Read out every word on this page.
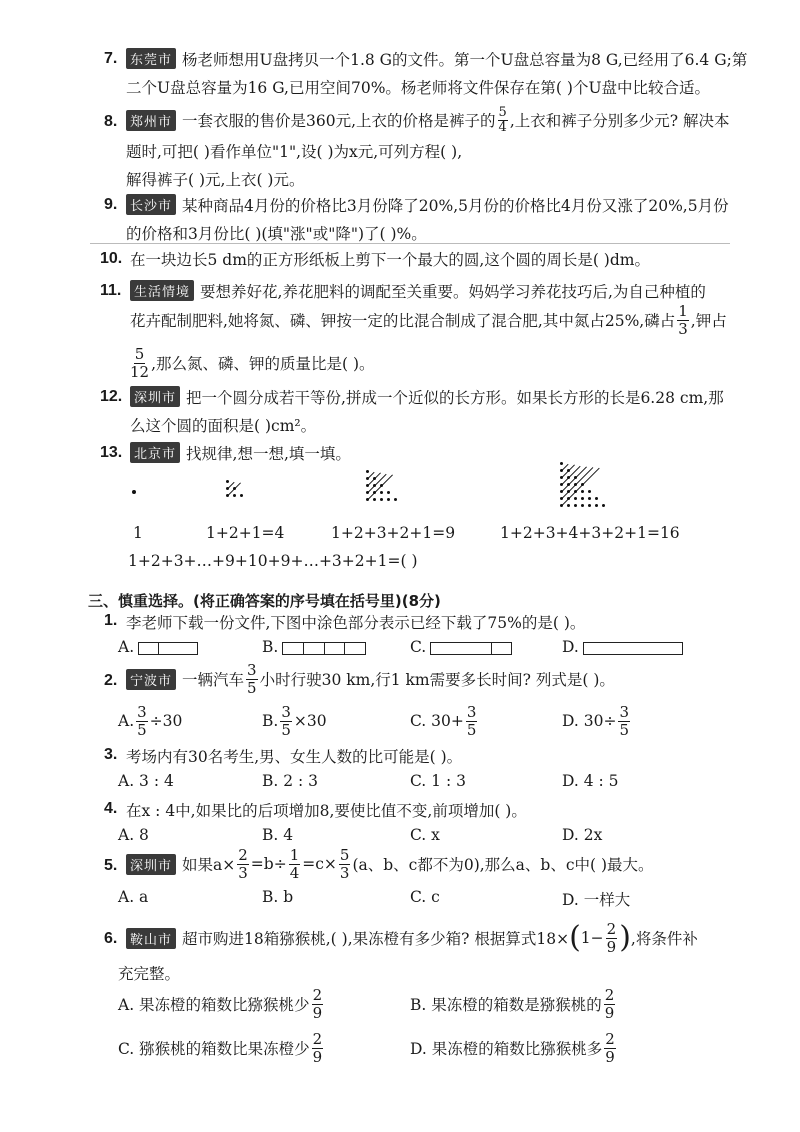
7. 东莞市 杨老师想用U盘拷贝一个1.8 G的文件。第一个U盘总容量为8 G,已经用了6.4 G;第
二个U盘总容量为16 G,已用空间70%。杨老师将文件保存在第( )个U盘中比较合适。
8. 郑州市 一套衣服的售价是360元,上衣的价格是裤子的 $\frac{5}{4}$ ,上衣和裤子分别多少元? 解决本
题时,可把( )看作单位"1",设( )为x元,可列方程( ),
解得裤子( )元,上衣( )元。
9. 长沙市 某种商品4月份的价格比3月份降了20%,5月份的价格比4月份又涨了20%,5月份
的价格和3月份比( )(填"涨"或"降")了( )%。
10. 在一块边长5 dm的正方形纸板上剪下一个最大的圆,这个圆的周长是( )dm。
11. 生活情境 要想养好花,养花肥料的调配至关重要。妈妈学习养花技巧后,为自己种植的
花卉配制肥料,她将氮、磷、钾按一定的比混合制成了混合肥,其中氮占25%,磷占 $\frac{1}{3}$ ,钾占
$\frac{5}{12}$ ,那么氮、磷、钾的质量比是( )。
12. 深圳市 把一个圆分成若干等份,拼成一个近似的长方形。如果长方形的长是6.28 cm,那
么这个圆的面积是( )cm²。
13. 北京市 找规律,想一想,填一填。
1	1+2+1=4	1+2+3+2+1=9	1+2+3+4+3+2+1=16
1+2+3+…+9+10+9+…+3+2+1=( )
三、慎重选择。(将正确答案的序号填在括号里)(8分)
1. 李老师下载一份文件,下图中涂色部分表示已经下载了75%的是( )。
A.	B.	C.	D.
2. 宁波市 一辆汽车 $\frac{3}{5}$ 小时行驶30 km,行1 km需要多长时间? 列式是( )。
A. $\frac{3}{5} \div 30$	B. $\frac{3}{5} \times 30$	C.
$30+ \frac{3}{5}$	D.
$30\div \frac{3}{5}$
3. 考场内有30名考生,男、女生人数的比可能是( )。
A. 3 : 4	B. 2 : 3	C. 1 : 3	D. 4 : 5
4. 在x : 4中,如果比的后项增加8,要使比值不变,前项增加( )。
A. 8	B. 4	C. x	D. 2x
5. 深圳市 如果$a\times \frac{2}{3} =b\div \frac{1}{4} =c\times \frac{5}{3} (a$、b、c都不为0),那么a、b、c中( )最大。
A. a	B. b	C. c	D. 一样大
6. 鞍山市 超市购进18箱猕猴桃,( ),果冻橙有多少箱? 根据算式18× ( $1- \frac{2}{9}$ ) ,将条件补
充完整。
A. 果冻橙的箱数比猕猴桃少 $\frac{2}{9}$	B. 果冻橙的箱数是猕猴桃的 $\frac{2}{9}$
C. 猕猴桃的箱数比果冻橙少 $\frac{2}{9}$	D. 果冻橙的箱数比猕猴桃多 $\frac{2}{9}$
